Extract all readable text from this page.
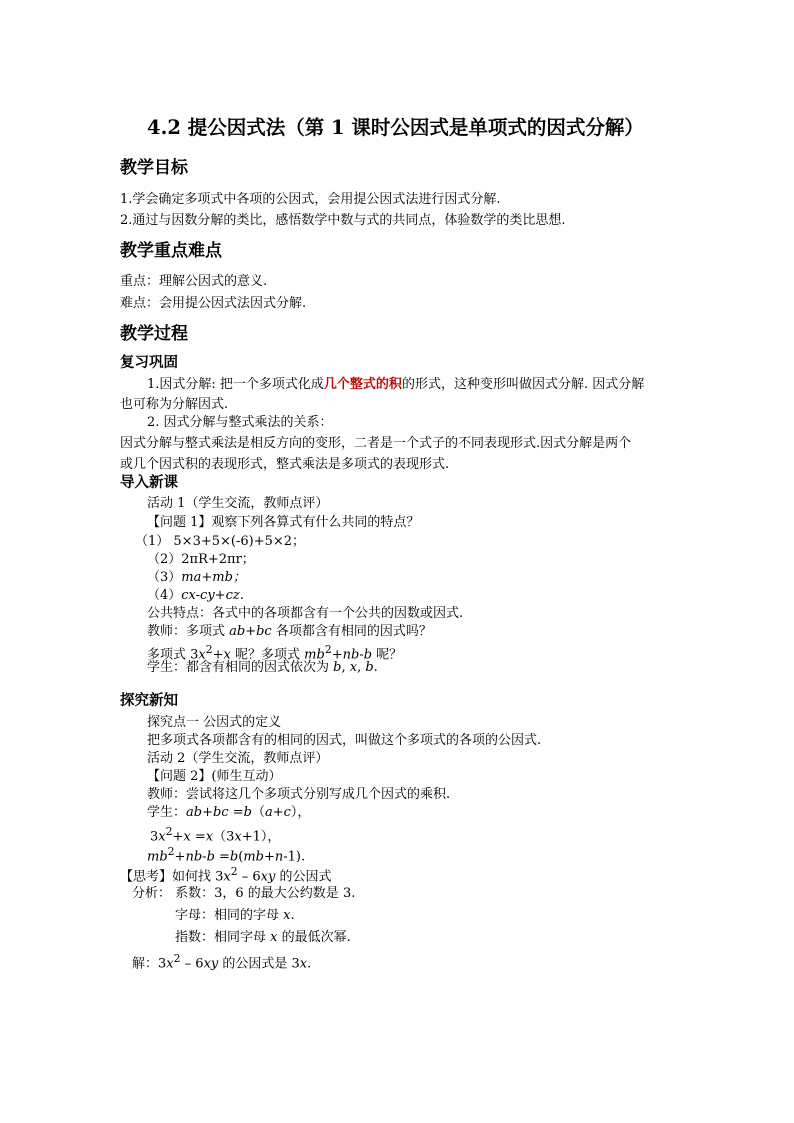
4.2 提公因式法（第 1 课时公因式是单项式的因式分解）
教学目标
1.学会确定多项式中各项的公因式，会用提公因式法进行因式分解.
2.通过与因数分解的类比，感悟数学中数与式的共同点，体验数学的类比思想.
教学重点难点
重点：理解公因式的意义.
难点：会用提公因式法因式分解.
教学过程
复习巩固
1.因式分解: 把一个多项式化成几个整式的积的形式，这种变形叫做因式分解. 因式分解
也可称为分解因式.
2. 因式分解与整式乘法的关系：
因式分解与整式乘法是相反方向的变形，二者是一个式子的不同表现形式.因式分解是两个
或几个因式积的表现形式，整式乘法是多项式的表现形式.
导入新课
活动 1（学生交流，教师点评）
【问题 1】观察下列各算式有什么共同的特点？
（1） 5×3+5×(-6)+5×2；
（2）2πR+2πr；
（3）ma+mb；
（4）cx-cy+cz.
公共特点：各式中的各项都含有一个公共的因数或因式.
教师：多项式 ab+bc 各项都含有相同的因式吗？
多项式 $3x^2+x$ 呢？多项式 $mb^2+nb-b$ 呢？
学生：都含有相同的因式依次为 b, x, b.
探究新知
探究点一 公因式的定义
把多项式各项都含有的相同的因式，叫做这个多项式的各项的公因式.
活动 2（学生交流，教师点评）
【问题 2】(师生互动）
教师：尝试将这几个多项式分别写成几个因式的乘积.
学生：ab+bc =b（a+c），
$3x^2+x =x(3x+1)$，
$mb^2+nb-b =b(mb+n-1)$.
【思考】如何找 $3x^2 - 6xy$ 的公因式
分析： 系数：3，6 的最大公约数是 3.
字母：相同的字母 x.
指数：相同字母 x 的最低次幂.
解：$3x^2 - 6xy$ 的公因式是 3x.
